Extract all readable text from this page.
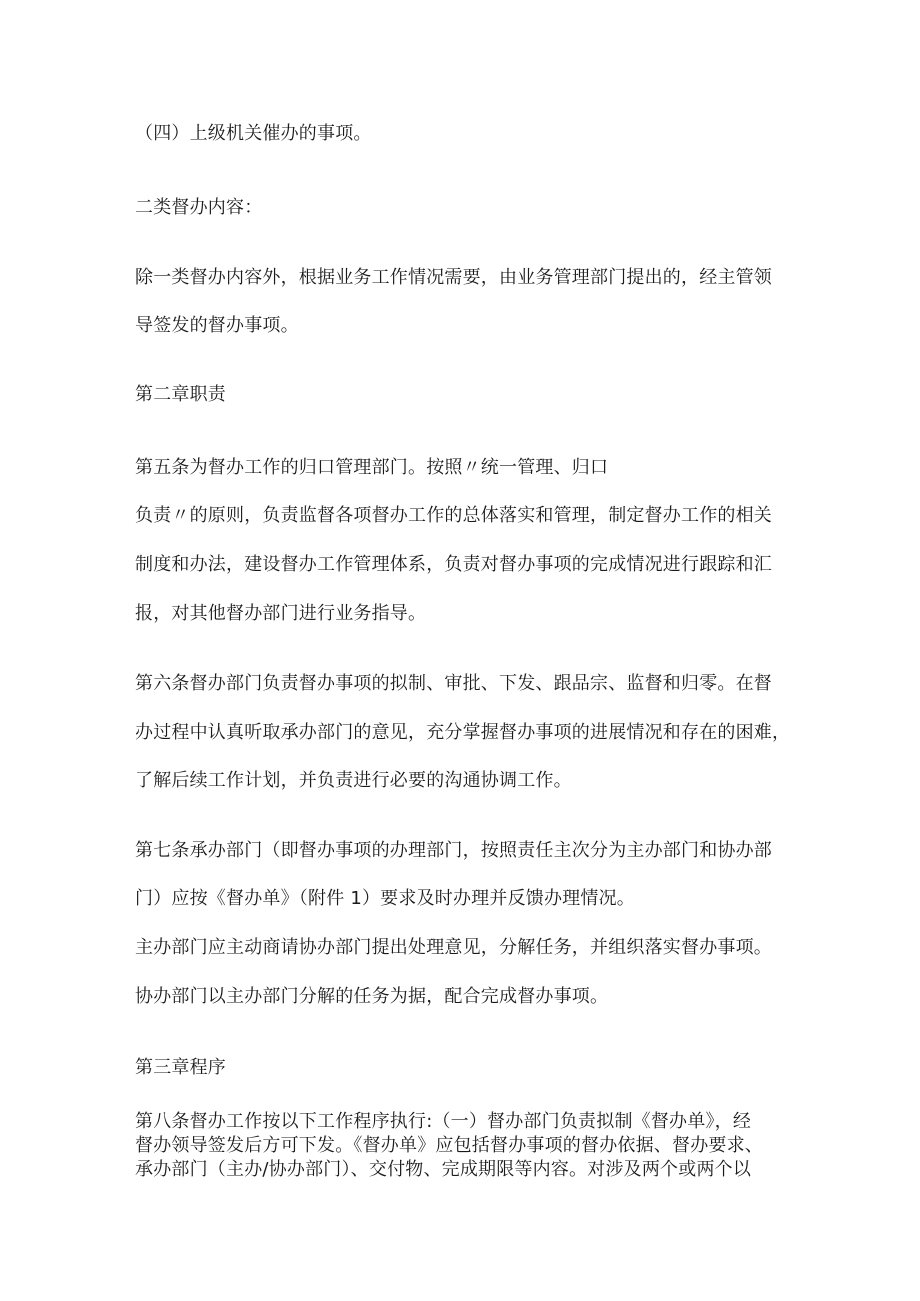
（四）上级机关催办的事项。
二类督办内容：
除一类督办内容外，根据业务工作情况需要，由业务管理部门提出的，经主管领
导签发的督办事项。
第二章职责
第五条为督办工作的归口管理部门。按照〃统一管理、归口
负责〃的原则，负责监督各项督办工作的总体落实和管理，制定督办工作的相关
制度和办法，建设督办工作管理体系，负责对督办事项的完成情况进行跟踪和汇
报，对其他督办部门进行业务指导。
第六条督办部门负责督办事项的拟制、审批、下发、跟品宗、监督和归零。在督
办过程中认真听取承办部门的意见，充分掌握督办事项的进展情况和存在的困难，
了解后续工作计划，并负责进行必要的沟通协调工作。
第七条承办部门（即督办事项的办理部门，按照责任主次分为主办部门和协办部
门）应按《督办单》（附件 1）要求及时办理并反馈办理情况。
主办部门应主动商请协办部门提出处理意见，分解任务，并组织落实督办事项。
协办部门以主办部门分解的任务为据，配合完成督办事项。
第三章程序
第八条督办工作按以下工作程序执行:（一）督办部门负责拟制《督办单》，经
督办领导签发后方可下发。《督办单》应包括督办事项的督办依据、督办要求、
承办部门（主办/协办部门）、交付物、完成期限等内容。对涉及两个或两个以
